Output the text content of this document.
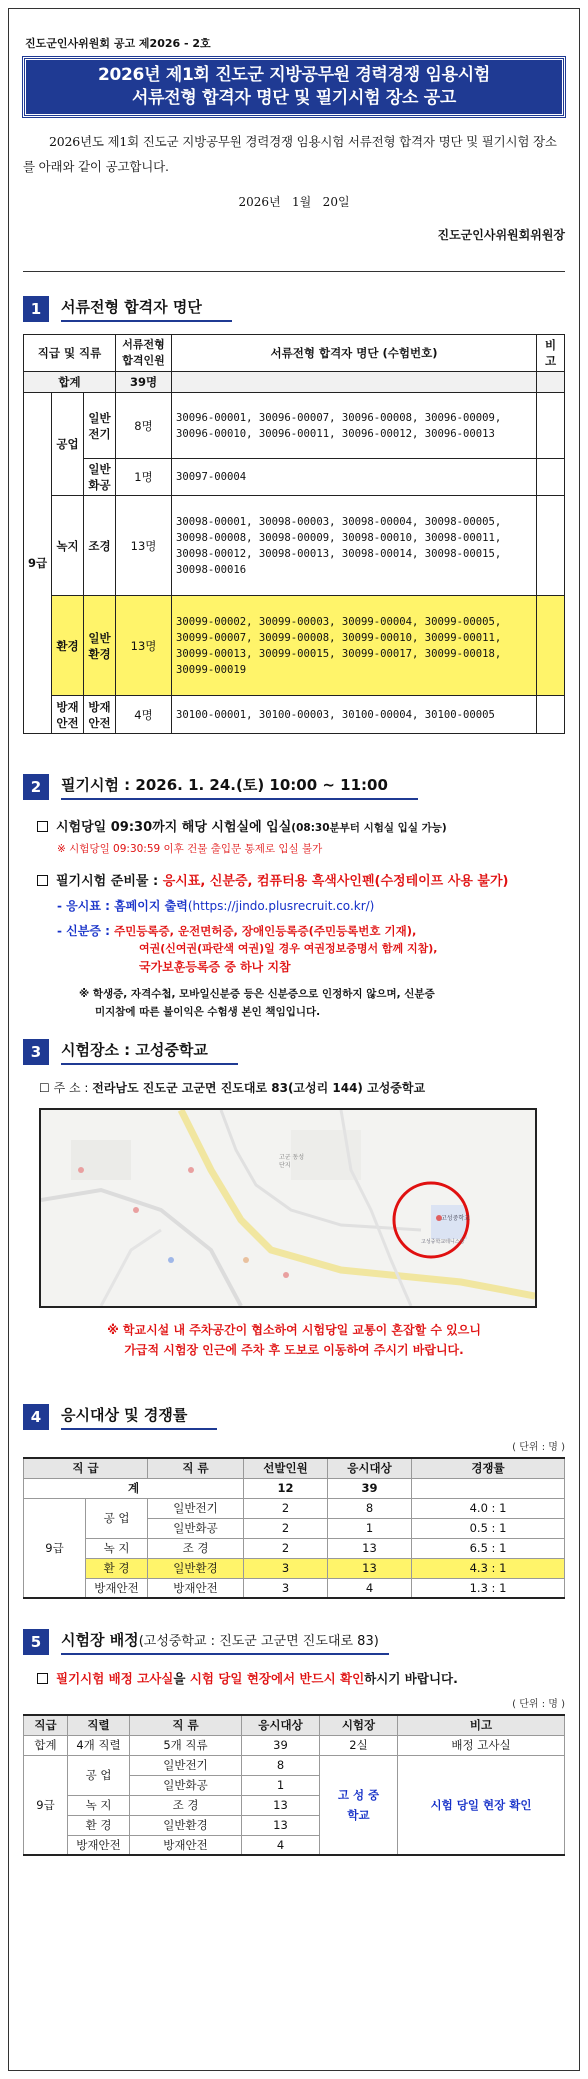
진도군인사위원회 공고 제2026 - 2호
2026년 제1회 진도군 지방공무원 경력경쟁 임용시험
서류전형 합격자 명단 및 필기시험 장소 공고
2026년도 제1회 진도군 지방공무원 경력경쟁 임용시험 서류전형 합격자 명단 및 필기시험 장소를 아래와 같이 공고합니다.
2026년   1월   20일
진도군인사위원회위원장
1	서류전형 합격자 명단
직급 및 직류			서류전형 합격인원	서류전형 합격자 명단 (수험번호)	비고
합계			39명		
9급	공업	일반 전기	8명	30096-00001, 30096-00007, 30096-00008, 30096-00009, 30096-00010, 30096-00011, 30096-00012, 30096-00013	
		일반 화공	1명	30097-00004	
	녹지	조경	13명	30098-00001, 30098-00003, 30098-00004, 30098-00005, 30098-00008, 30098-00009, 30098-00010, 30098-00011, 30098-00012, 30098-00013, 30098-00014, 30098-00015, 30098-00016	
	환경	일반 환경	13명	30099-00002, 30099-00003, 30099-00004, 30099-00005, 30099-00007, 30099-00008, 30099-00010, 30099-00011, 30099-00013, 30099-00015, 30099-00017, 30099-00018, 30099-00019	
	방재 안전	방재 안전	4명	30100-00001, 30100-00003, 30100-00004, 30100-00005	
2	필기시험 : 2026. 1. 24.(토) 10:00 ~ 11:00
시험당일 09:30까지 해당 시험실에 입실(08:30분부터 시험실 입실 가능)
※ 시험당일 09:30:59 이후 건물 출입문 통제로 입실 불가
필기시험 준비물 : 응시표, 신분증, 컴퓨터용 흑색사인펜(수정테이프 사용 불가)
- 응시표 : 홈페이지 출력(https://jindo.plusrecruit.co.kr/)
- 신분증 : 주민등록증, 운전면허증, 장애인등록증(주민등록번호 기재),
여권(신여권(파란색 여권)일 경우 여권정보증명서 함께 지참),
국가보훈등록증 중 하나 지참
※ 학생증, 자격수첩, 모바일신분증 등은 신분증으로 인정하지 않으며, 신분증
미지참에 따른 불이익은 수험생 본인 책임입니다.
3	시험장소 : 고성중학교
☐ 주 소 : 전라남도 진도군 고군면 진도대로 83(고성리 144) 고성중학교
고성중학교
고성중학교테니스장
고군 동성단지
※ 학교시설 내 주차공간이 협소하여 시험당일 교통이 혼잡할 수 있으니
가급적 시험장 인근에 주차 후 도보로 이동하여 주시기 바랍니다.
4	응시대상 및 경쟁률
( 단위 : 명 )
직 급		직 류	선발인원	응시대상	경쟁률
계			12	39	
9급	공 업	일반전기	2	8	4.0 : 1
		일반화공	2	1	0.5 : 1
	녹 지	조 경	2	13	6.5 : 1
	환 경	일반환경	3	13	4.3 : 1
	방재안전	방재안전	3	4	1.3 : 1
5	시험장 배정(고성중학교 : 진도군 고군면 진도대로 83)
필기시험 배정 고사실을 시험 당일 현장에서 반드시 확인하시기 바랍니다.
( 단위 : 명 )
직급	직렬	직 류	응시대상	시험장	비고
합계	4개 직렬	5개 직류	39	2실	배정 고사실
9급	공 업	일반전기	8	고 성 중학교	시험 당일 현장 확인
		일반화공	1		
	녹 지	조 경	13		
	환 경	일반환경	13		
	방재안전	방재안전	4		
